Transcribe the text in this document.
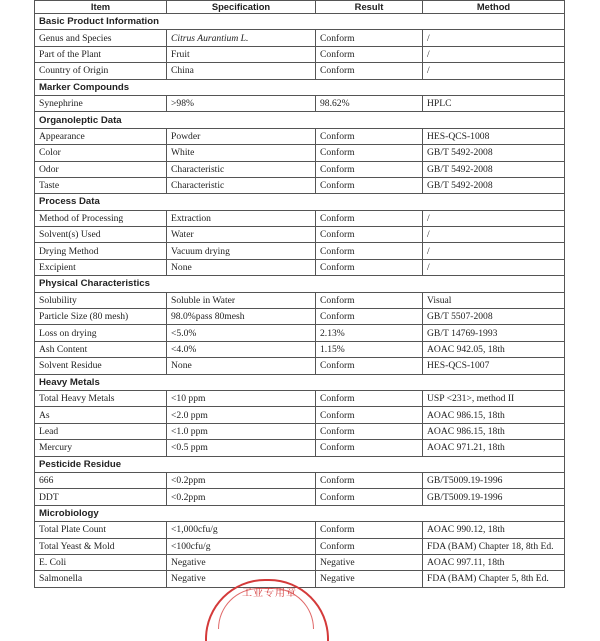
Item	Specification	Result	Method
Basic Product Information			
Genus and Species	Citrus Aurantium L.	Conform	/
Part of the Plant	Fruit	Conform	/
Country of Origin	China	Conform	/
Marker Compounds			
Synephrine	>98%	98.62%	HPLC
Organoleptic Data			
Appearance	Powder	Conform	HES-QCS-1008
Color	White	Conform	GB/T 5492-2008
Odor	Characteristic	Conform	GB/T 5492-2008
Taste	Characteristic	Conform	GB/T 5492-2008
Process Data			
Method of Processing	Extraction	Conform	/
Solvent(s) Used	Water	Conform	/
Drying Method	Vacuum drying	Conform	/
Excipient	None	Conform	/
Physical Characteristics			
Solubility	Soluble in Water	Conform	Visual
Particle Size (80 mesh)	98.0%pass 80mesh	Conform	GB/T 5507-2008
Loss on drying	<5.0%	2.13%	GB/T 14769-1993
Ash Content	<4.0%	1.15%	AOAC 942.05, 18th
Solvent Residue	None	Conform	HES-QCS-1007
Heavy Metals			
Total Heavy Metals	<10 ppm	Conform	USP <231>, method II
As	<2.0 ppm	Conform	AOAC 986.15, 18th
Lead	<1.0 ppm	Conform	AOAC 986.15, 18th
Mercury	<0.5 ppm	Conform	AOAC 971.21, 18th
Pesticide Residue			
666	<0.2ppm	Conform	GB/T5009.19-1996
DDT	<0.2ppm	Conform	GB/T5009.19-1996
Microbiology			
Total Plate Count	<1,000cfu/g	Conform	AOAC 990.12, 18th
Total Yeast & Mold	<100cfu/g	Conform	FDA (BAM) Chapter 18, 8th Ed.
E. Coli	Negative	Negative	AOAC 997.11, 18th
Salmonella	Negative	Negative	FDA (BAM) Chapter 5, 8th Ed.
工业专用章
